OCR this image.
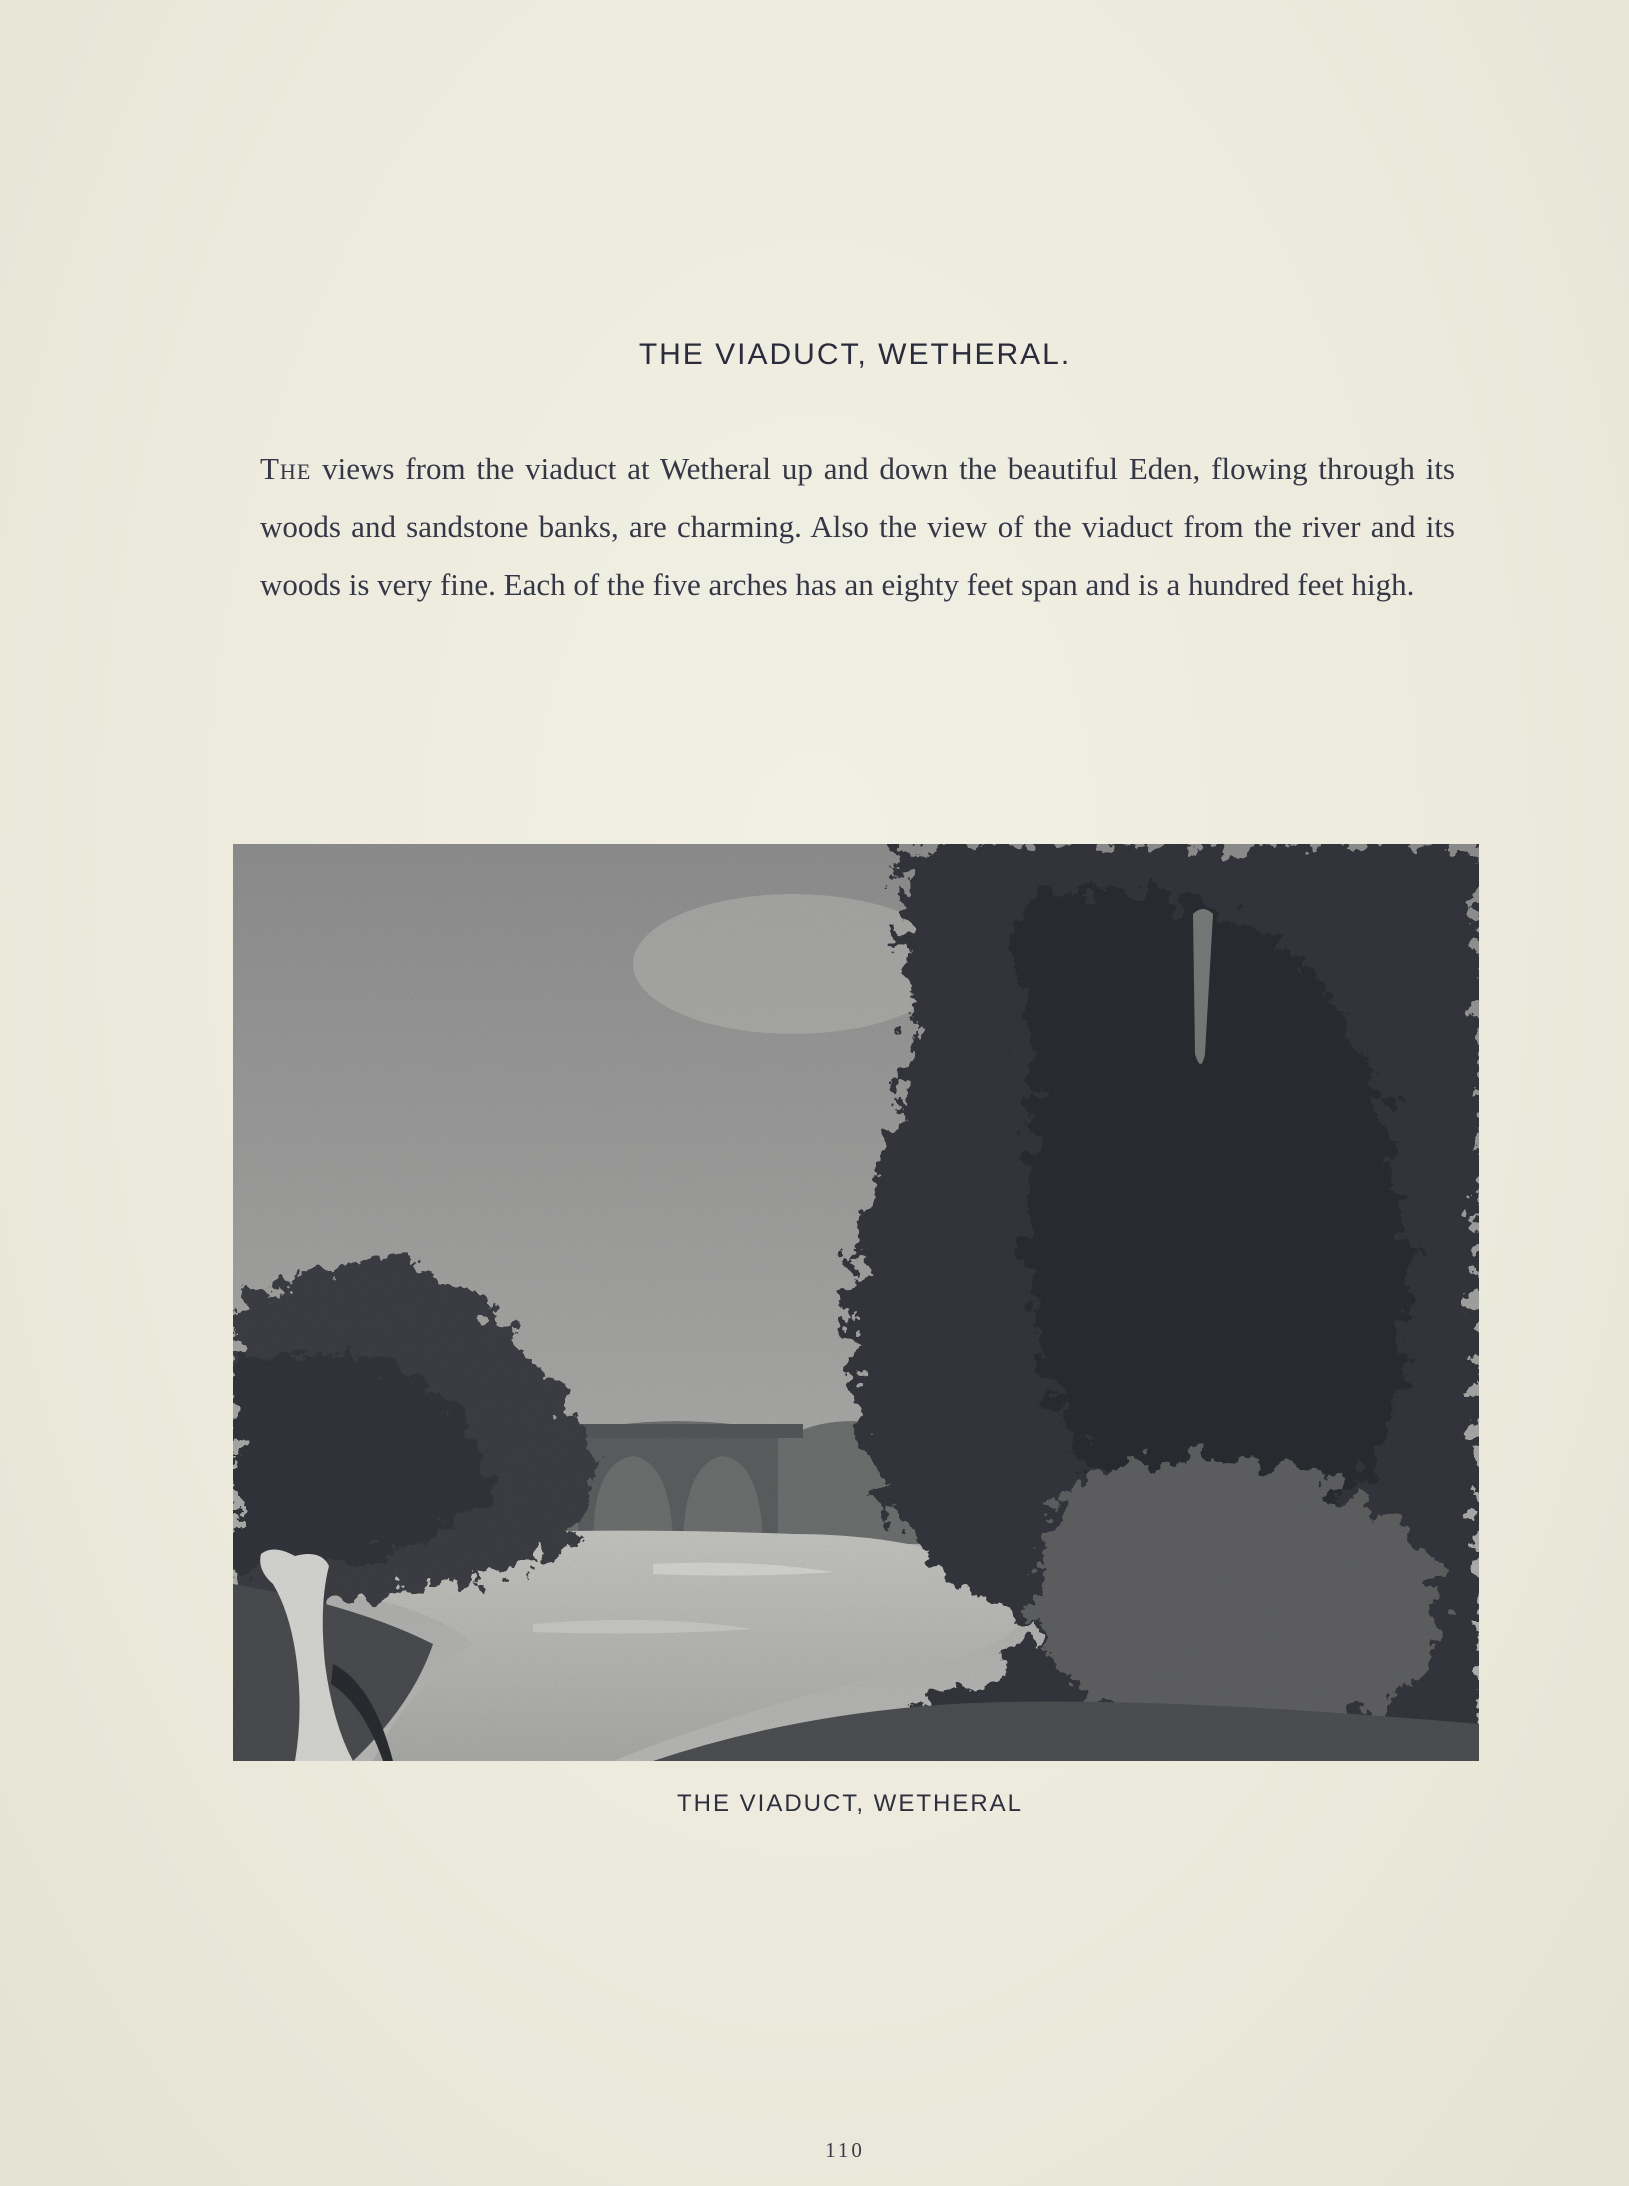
THE VIADUCT, WETHERAL.

The views from the viaduct at Wetheral up and down the beautiful Eden, flowing through its woods and sandstone banks, are charming. Also the view of the viaduct from the river and its woods is very fine. Each of the five arches has an eighty feet span and is a hundred feet high.

THE VIADUCT, WETHERAL
110
